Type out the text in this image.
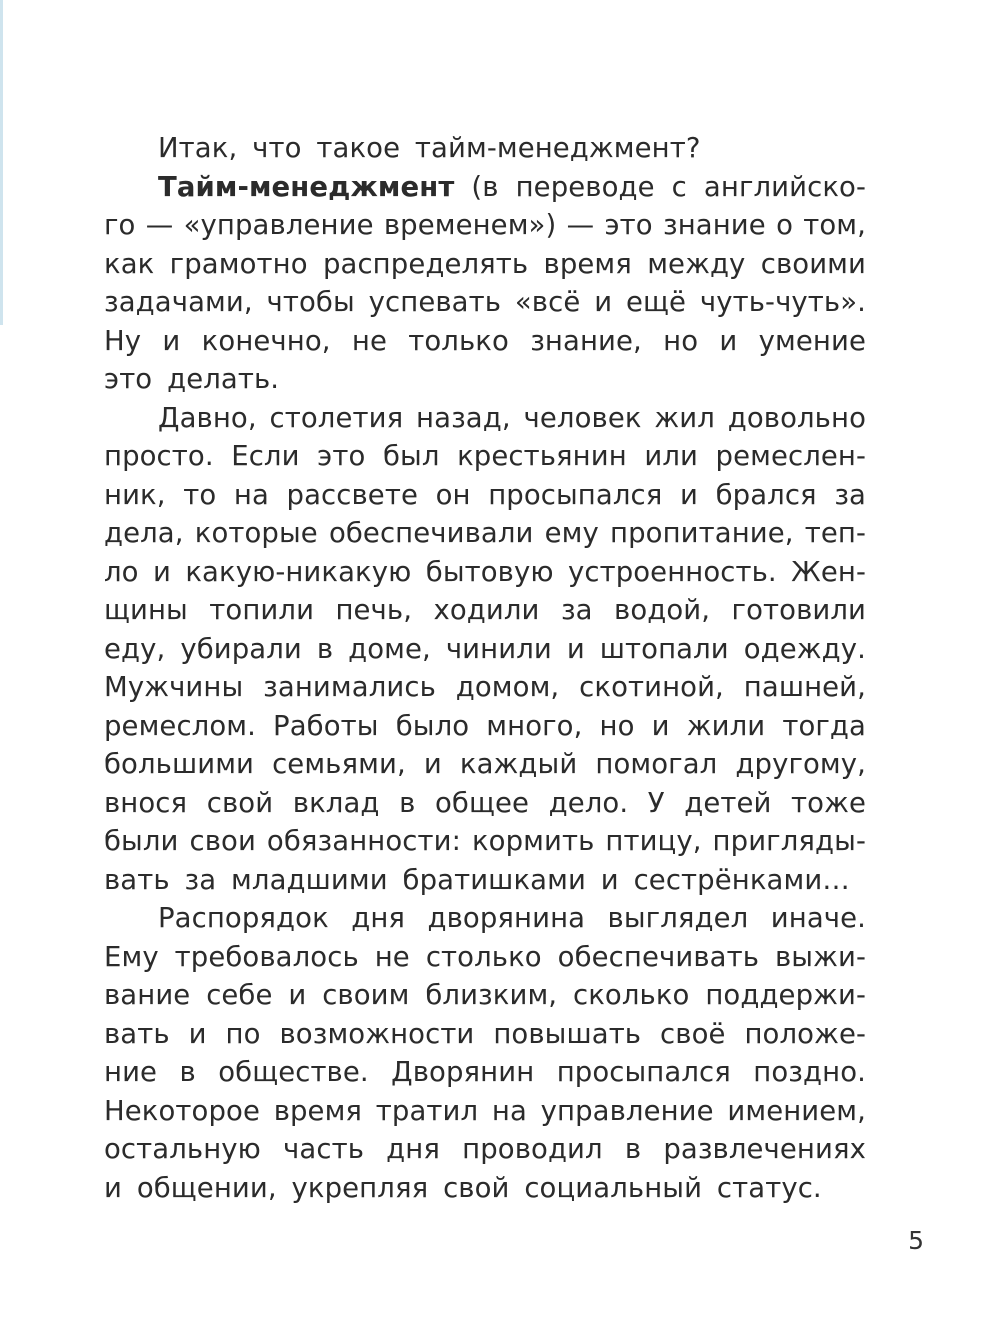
Итак, что такое тайм-менеджмент?
Тайм-менеджмент (в переводе с английско-
го — «управление временем») — это знание о том,
как грамотно распределять время между своими
задачами, чтобы успевать «всё и ещё чуть-чуть».
Ну и конечно, не только знание, но и умение
это делать.
Давно, столетия назад, человек жил довольно
просто. Если это был крестьянин или ремеслен-
ник, то на рассвете он просыпался и брался за
дела, которые обеспечивали ему пропитание, теп-
ло и какую-никакую бытовую устроенность. Жен-
щины топили печь, ходили за водой, готовили
еду, убирали в доме, чинили и штопали одежду.
Мужчины занимались домом, скотиной, пашней,
ремеслом. Работы было много, но и жили тогда
большими семьями, и каждый помогал другому,
внося свой вклад в общее дело. У детей тоже
были свои обязанности: кормить птицу, пригляды-
вать за младшими братишками и сестрёнками…
Распорядок дня дворянина выглядел иначе.
Ему требовалось не столько обеспечивать выжи-
вание себе и своим близким, сколько поддержи-
вать и по возможности повышать своё положе-
ние в обществе. Дворянин просыпался поздно.
Некоторое время тратил на управление имением,
остальную часть дня проводил в развлечениях
и общении, укрепляя свой социальный статус.
5
